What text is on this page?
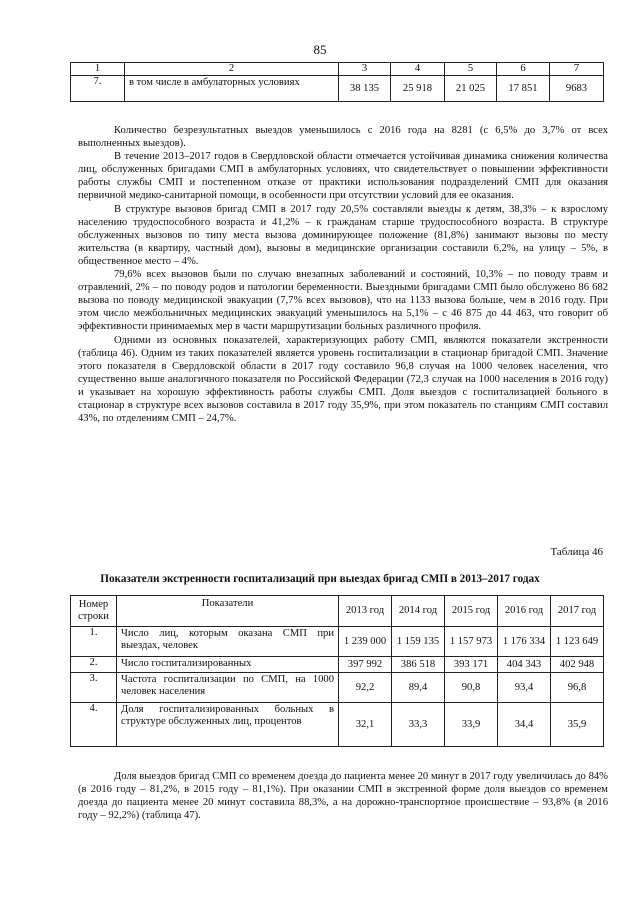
85
1	2	3	4	5	6	7
7.	в том числе в амбулаторных условиях	38 135	25 918	21 025	17 851	9683

Количество безрезультатных выездов уменьшилось с 2016 года на 8281 (с 6,5% до 3,7% от всех выполненных выездов).

В течение 2013–2017 годов в Свердловской области отмечается устойчивая динамика снижения количества лиц, обслуженных бригадами СМП в амбулаторных условиях, что свидетельствует о повышении эффективности работы службы СМП и постепенном отказе от практики использования подразделений СМП для оказания первичной медико-санитарной помощи, в особенности при отсутствии условий для ее оказания.

В структуре вызовов бригад СМП в 2017 году 20,5% составляли выезды к детям, 38,3% – к взрослому населению трудоспособного возраста и 41,2% – к гражданам старше трудоспособного возраста. В структуре обслуженных вызовов по типу места вызова доминирующее положение (81,8%) занимают вызовы по месту жительства (в квартиру, частный дом), вызовы в медицинские организации составили 6,2%, на улицу – 5%, в общественное место – 4%.

79,6% всех вызовов были по случаю внезапных заболеваний и состояний, 10,3% – по поводу травм и отравлений, 2% – по поводу родов и патологии беременности. Выездными бригадами СМП было обслужено 86 682 вызова по поводу медицинской эвакуации (7,7% всех вызовов), что на 1133 вызова больше, чем в 2016 году. При этом число межбольничных медицинских эвакуаций уменьшилось на 5,1% – с 46 875 до 44 463, что говорит об эффективности принимаемых мер в части маршрутизации больных различного профиля.

Одними из основных показателей, характеризующих работу СМП, являются показатели экстренности (таблица 46). Одним из таких показателей является уровень госпитализации в стационар бригадой СМП. Значение этого показателя в Свердловской области в 2017 году составило 96,8 случая на 1000 человек населения, что существенно выше аналогичного показателя по Российской Федерации (72,3 случая на 1000 населения в 2016 году) и указывает на хорошую эффективность работы службы СМП. Доля выездов с госпитализацией больного в стационар в структуре всех вызовов составила в 2017 году 35,9%, при этом показатель по станциям СМП составил 43%, по отделениям СМП – 24,7%.

Таблица 46
Показатели экстренности госпитализаций при выездах бригад СМП в 2013–2017 годах
Номер строки	Показатели	2013 год	2014 год	2015 год	2016 год	2017 год
1.	Число лиц, которым оказана СМП при выездах, человек	1 239 000	1 159 135	1 157 973	1 176 334	1 123 649
2.	Число госпитализированных	397 992	386 518	393 171	404 343	402 948
3.	Частота госпитализации по СМП, на 1000 человек населения	92,2	89,4	90,8	93,4	96,8
4.	Доля госпитализированных больных в структуре обслуженных лиц, процентов	32,1	33,3	33,9	34,4	35,9

Доля выездов бригад СМП со временем доезда до пациента менее 20 минут в 2017 году увеличилась до 84% (в 2016 году – 81,2%, в 2015 году – 81,1%). При оказании СМП в экстренной форме доля выездов со временем доезда до пациента менее 20 минут составила 88,3%, а на дорожно-транспортное происшествие – 93,8% (в 2016 году – 92,2%) (таблица 47).
